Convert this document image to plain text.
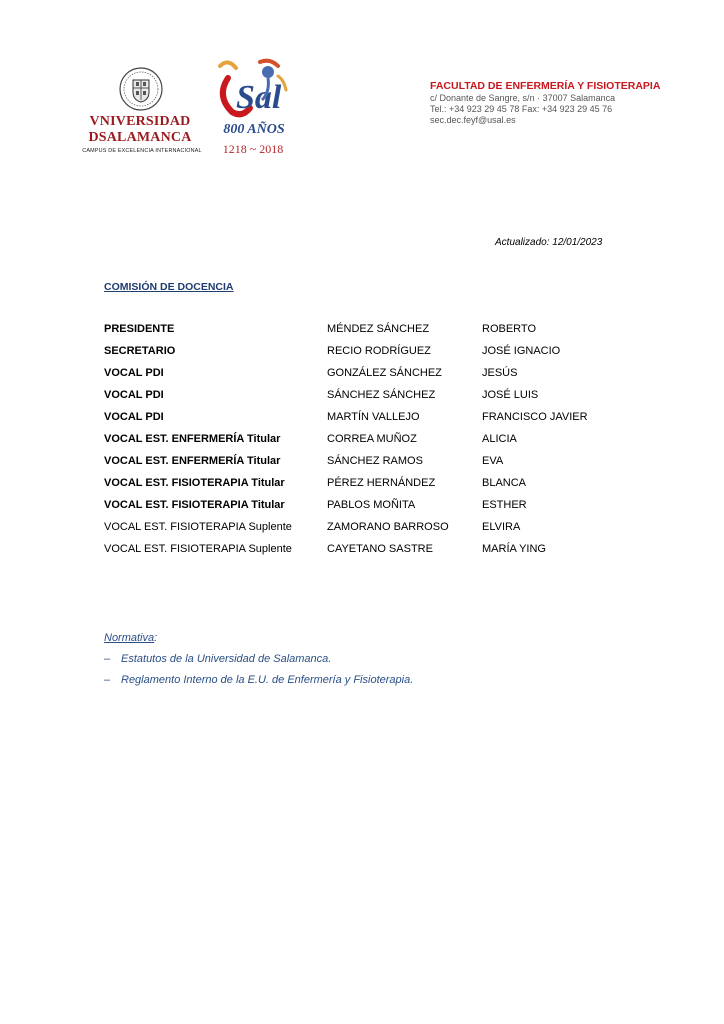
VNIVERSIDAD
DSALAMANCA
CAMPUS DE EXCELENCIA INTERNACIONAL
Sal
800 AÑOS
1218 ~ 2018
FACULTAD DE ENFERMERÍA Y FISIOTERAPIA
c/ Donante de Sangre, s/n · 37007 Salamanca
Tel.: +34 923 29 45 78 Fax: +34 923 29 45 76
sec.dec.feyf@usal.es
Actualizado: 12/01/2023
COMISIÓN DE DOCENCIA
PRESIDENTE	MÉNDEZ SÁNCHEZ	ROBERTO
SECRETARIO	RECIO RODRÍGUEZ	JOSÉ IGNACIO
VOCAL PDI	GONZÁLEZ SÁNCHEZ	JESÚS
VOCAL PDI	SÁNCHEZ SÁNCHEZ	JOSÉ LUIS
VOCAL PDI	MARTÍN VALLEJO	FRANCISCO JAVIER
VOCAL EST. ENFERMERÍA Titular	CORREA MUÑOZ	ALICIA
VOCAL EST. ENFERMERÍA Titular	SÁNCHEZ RAMOS	EVA
VOCAL EST. FISIOTERAPIA Titular	PÉREZ HERNÁNDEZ	BLANCA
VOCAL EST. FISIOTERAPIA Titular	PABLOS MOÑITA	ESTHER
VOCAL EST. FISIOTERAPIA Suplente	ZAMORANO BARROSO	ELVIRA
VOCAL EST. FISIOTERAPIA Suplente	CAYETANO SASTRE	MARÍA YING
Normativa:
– Estatutos de la Universidad de Salamanca.
– Reglamento Interno de la E.U. de Enfermería y Fisioterapia.
